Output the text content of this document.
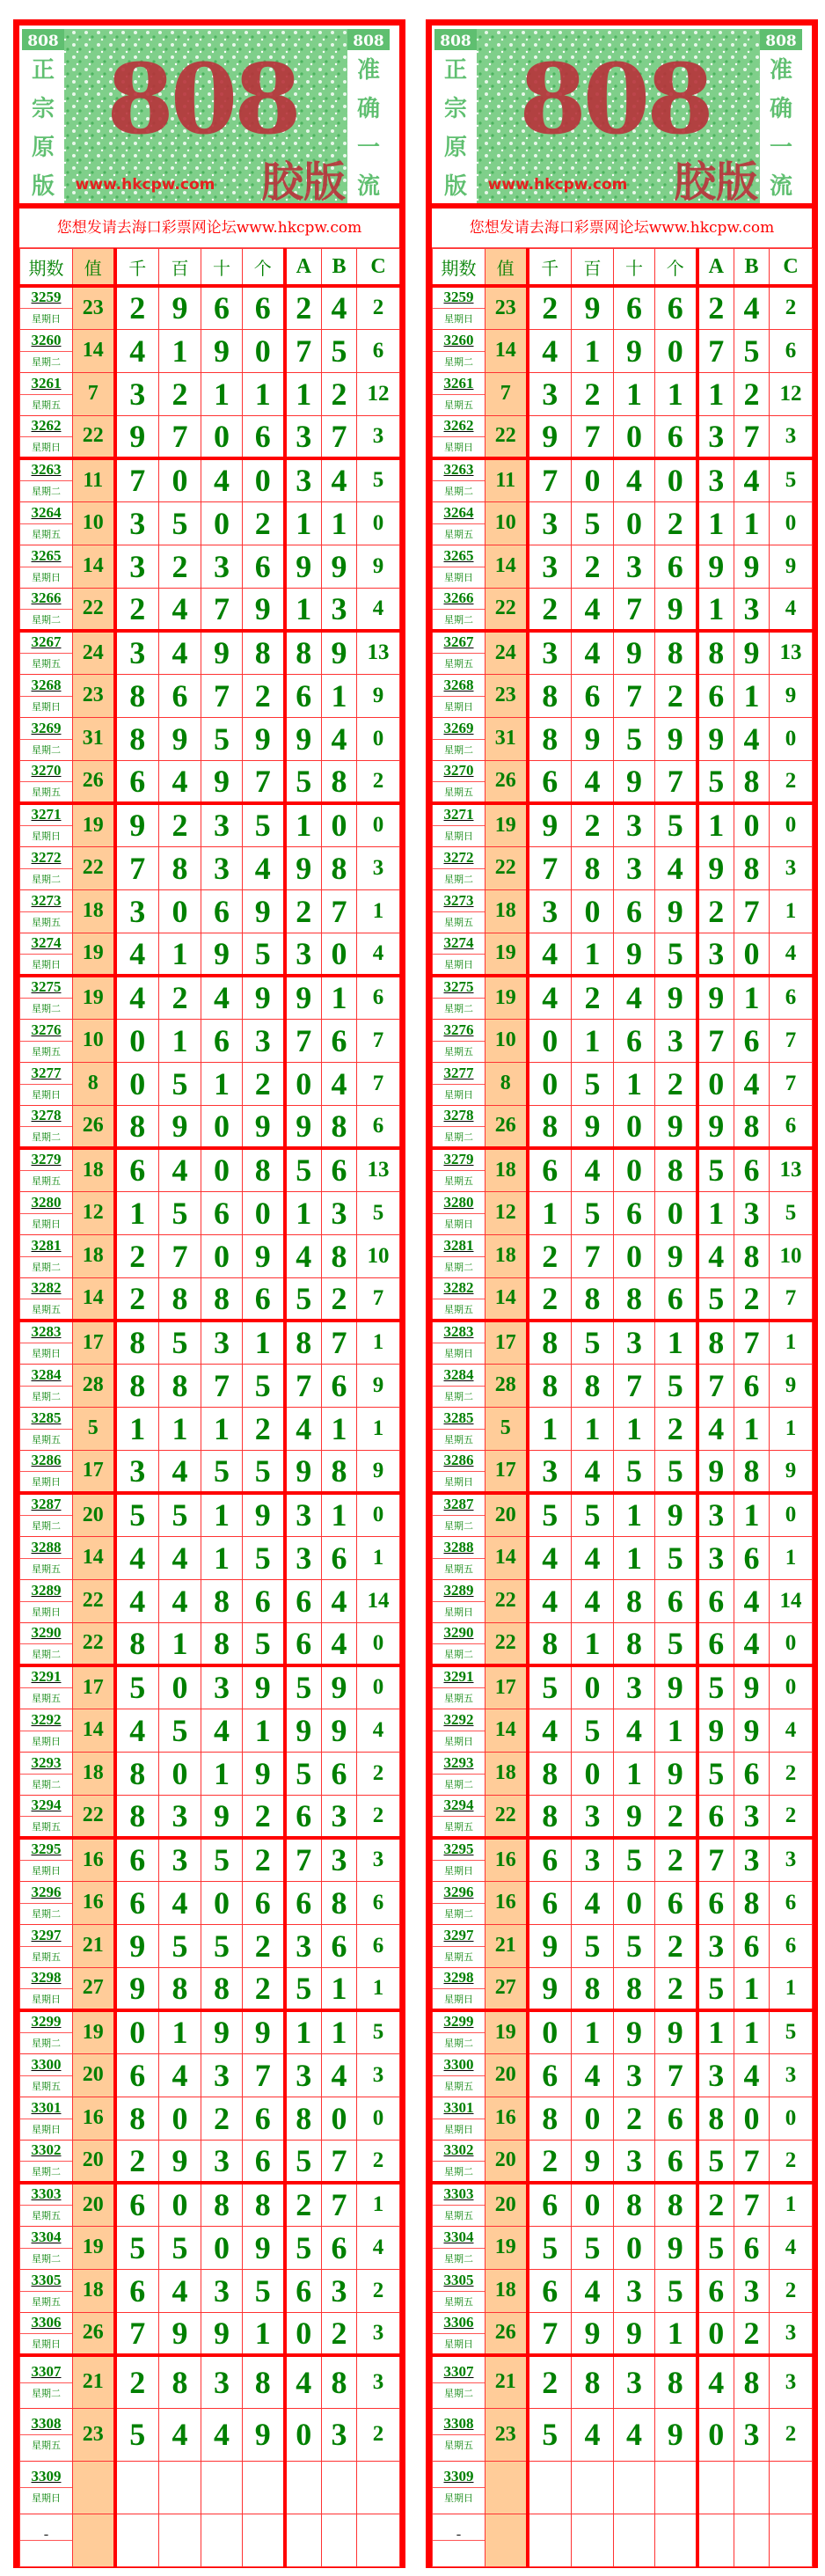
808	808
正
宗
原
版
准
确
一
流
808
胶版
www.hkcpw.com
您想发请去海口彩票网论坛www.hkcpw.com
期数	值	千	百	十	个	A	B	C

3259
星期日	23	2	9	6	6	2	4	2

3260
星期二	14	4	1	9	0	7	5	6

3261
星期五	7	3	2	1	1	1	2	12

3262
星期日	22	9	7	0	6	3	7	3

3263
星期二	11	7	0	4	0	3	4	5

3264
星期五	10	3	5	0	2	1	1	0

3265
星期日	14	3	2	3	6	9	9	9

3266
星期二	22	2	4	7	9	1	3	4

3267
星期五	24	3	4	9	8	8	9	13

3268
星期日	23	8	6	7	2	6	1	9

3269
星期二	31	8	9	5	9	9	4	0

3270
星期五	26	6	4	9	7	5	8	2

3271
星期日	19	9	2	3	5	1	0	0

3272
星期二	22	7	8	3	4	9	8	3

3273
星期五	18	3	0	6	9	2	7	1

3274
星期日	19	4	1	9	5	3	0	4

3275
星期二	19	4	2	4	9	9	1	6

3276
星期五	10	0	1	6	3	7	6	7

3277
星期日	8	0	5	1	2	0	4	7

3278
星期二	26	8	9	0	9	9	8	6

3279
星期五	18	6	4	0	8	5	6	13

3280
星期日	12	1	5	6	0	1	3	5

3281
星期二	18	2	7	0	9	4	8	10

3282
星期五	14	2	8	8	6	5	2	7

3283
星期日	17	8	5	3	1	8	7	1

3284
星期二	28	8	8	7	5	7	6	9

3285
星期五	5	1	1	1	2	4	1	1

3286
星期日	17	3	4	5	5	9	8	9

3287
星期二	20	5	5	1	9	3	1	0

3288
星期五	14	4	4	1	5	3	6	1

3289
星期日	22	4	4	8	6	6	4	14

3290
星期二	22	8	1	8	5	6	4	0

3291
星期五	17	5	0	3	9	5	9	0

3292
星期日	14	4	5	4	1	9	9	4

3293
星期二	18	8	0	1	9	5	6	2

3294
星期五	22	8	3	9	2	6	3	2

3295
星期日	16	6	3	5	2	7	3	3

3296
星期二	16	6	4	0	6	6	8	6

3297
星期五	21	9	5	5	2	3	6	6

3298
星期日	27	9	8	8	2	5	1	1

3299
星期二	19	0	1	9	9	1	1	5

3300
星期五	20	6	4	3	7	3	4	3

3301
星期日	16	8	0	2	6	8	0	0

3302
星期二	20	2	9	3	6	5	7	2

3303
星期五	20	6	0	8	8	2	7	1

3304
星期二	19	5	5	0	9	5	6	4

3305
星期五	18	6	4	3	5	6	3	2

3306
星期日	26	7	9	9	1	0	2	3

3307
星期二	21	2	8	3	8	4	8	3

3308
星期五	23	5	4	4	9	0	3	2

3309
星期日								

808	808
正
宗
原
版
准
确
一
流
808
胶版
www.hkcpw.com
您想发请去海口彩票网论坛www.hkcpw.com
期数	值	千	百	十	个	A	B	C

3259
星期日	23	2	9	6	6	2	4	2

3260
星期二	14	4	1	9	0	7	5	6

3261
星期五	7	3	2	1	1	1	2	12

3262
星期日	22	9	7	0	6	3	7	3

3263
星期二	11	7	0	4	0	3	4	5

3264
星期五	10	3	5	0	2	1	1	0

3265
星期日	14	3	2	3	6	9	9	9

3266
星期二	22	2	4	7	9	1	3	4

3267
星期五	24	3	4	9	8	8	9	13

3268
星期日	23	8	6	7	2	6	1	9

3269
星期二	31	8	9	5	9	9	4	0

3270
星期五	26	6	4	9	7	5	8	2

3271
星期日	19	9	2	3	5	1	0	0

3272
星期二	22	7	8	3	4	9	8	3

3273
星期五	18	3	0	6	9	2	7	1

3274
星期日	19	4	1	9	5	3	0	4

3275
星期二	19	4	2	4	9	9	1	6

3276
星期五	10	0	1	6	3	7	6	7

3277
星期日	8	0	5	1	2	0	4	7

3278
星期二	26	8	9	0	9	9	8	6

3279
星期五	18	6	4	0	8	5	6	13

3280
星期日	12	1	5	6	0	1	3	5

3281
星期二	18	2	7	0	9	4	8	10

3282
星期五	14	2	8	8	6	5	2	7

3283
星期日	17	8	5	3	1	8	7	1

3284
星期二	28	8	8	7	5	7	6	9

3285
星期五	5	1	1	1	2	4	1	1

3286
星期日	17	3	4	5	5	9	8	9

3287
星期二	20	5	5	1	9	3	1	0

3288
星期五	14	4	4	1	5	3	6	1

3289
星期日	22	4	4	8	6	6	4	14

3290
星期二	22	8	1	8	5	6	4	0

3291
星期五	17	5	0	3	9	5	9	0

3292
星期日	14	4	5	4	1	9	9	4

3293
星期二	18	8	0	1	9	5	6	2

3294
星期五	22	8	3	9	2	6	3	2

3295
星期日	16	6	3	5	2	7	3	3

3296
星期二	16	6	4	0	6	6	8	6

3297
星期五	21	9	5	5	2	3	6	6

3298
星期日	27	9	8	8	2	5	1	1

3299
星期二	19	0	1	9	9	1	1	5

3300
星期五	20	6	4	3	7	3	4	3

3301
星期日	16	8	0	2	6	8	0	0

3302
星期二	20	2	9	3	6	5	7	2

3303
星期五	20	6	0	8	8	2	7	1

3304
星期二	19	5	5	0	9	5	6	4

3305
星期五	18	6	4	3	5	6	3	2

3306
星期日	26	7	9	9	1	0	2	3

3307
星期二	21	2	8	3	8	4	8	3

3308
星期五	23	5	4	4	9	0	3	2

3309
星期日								
